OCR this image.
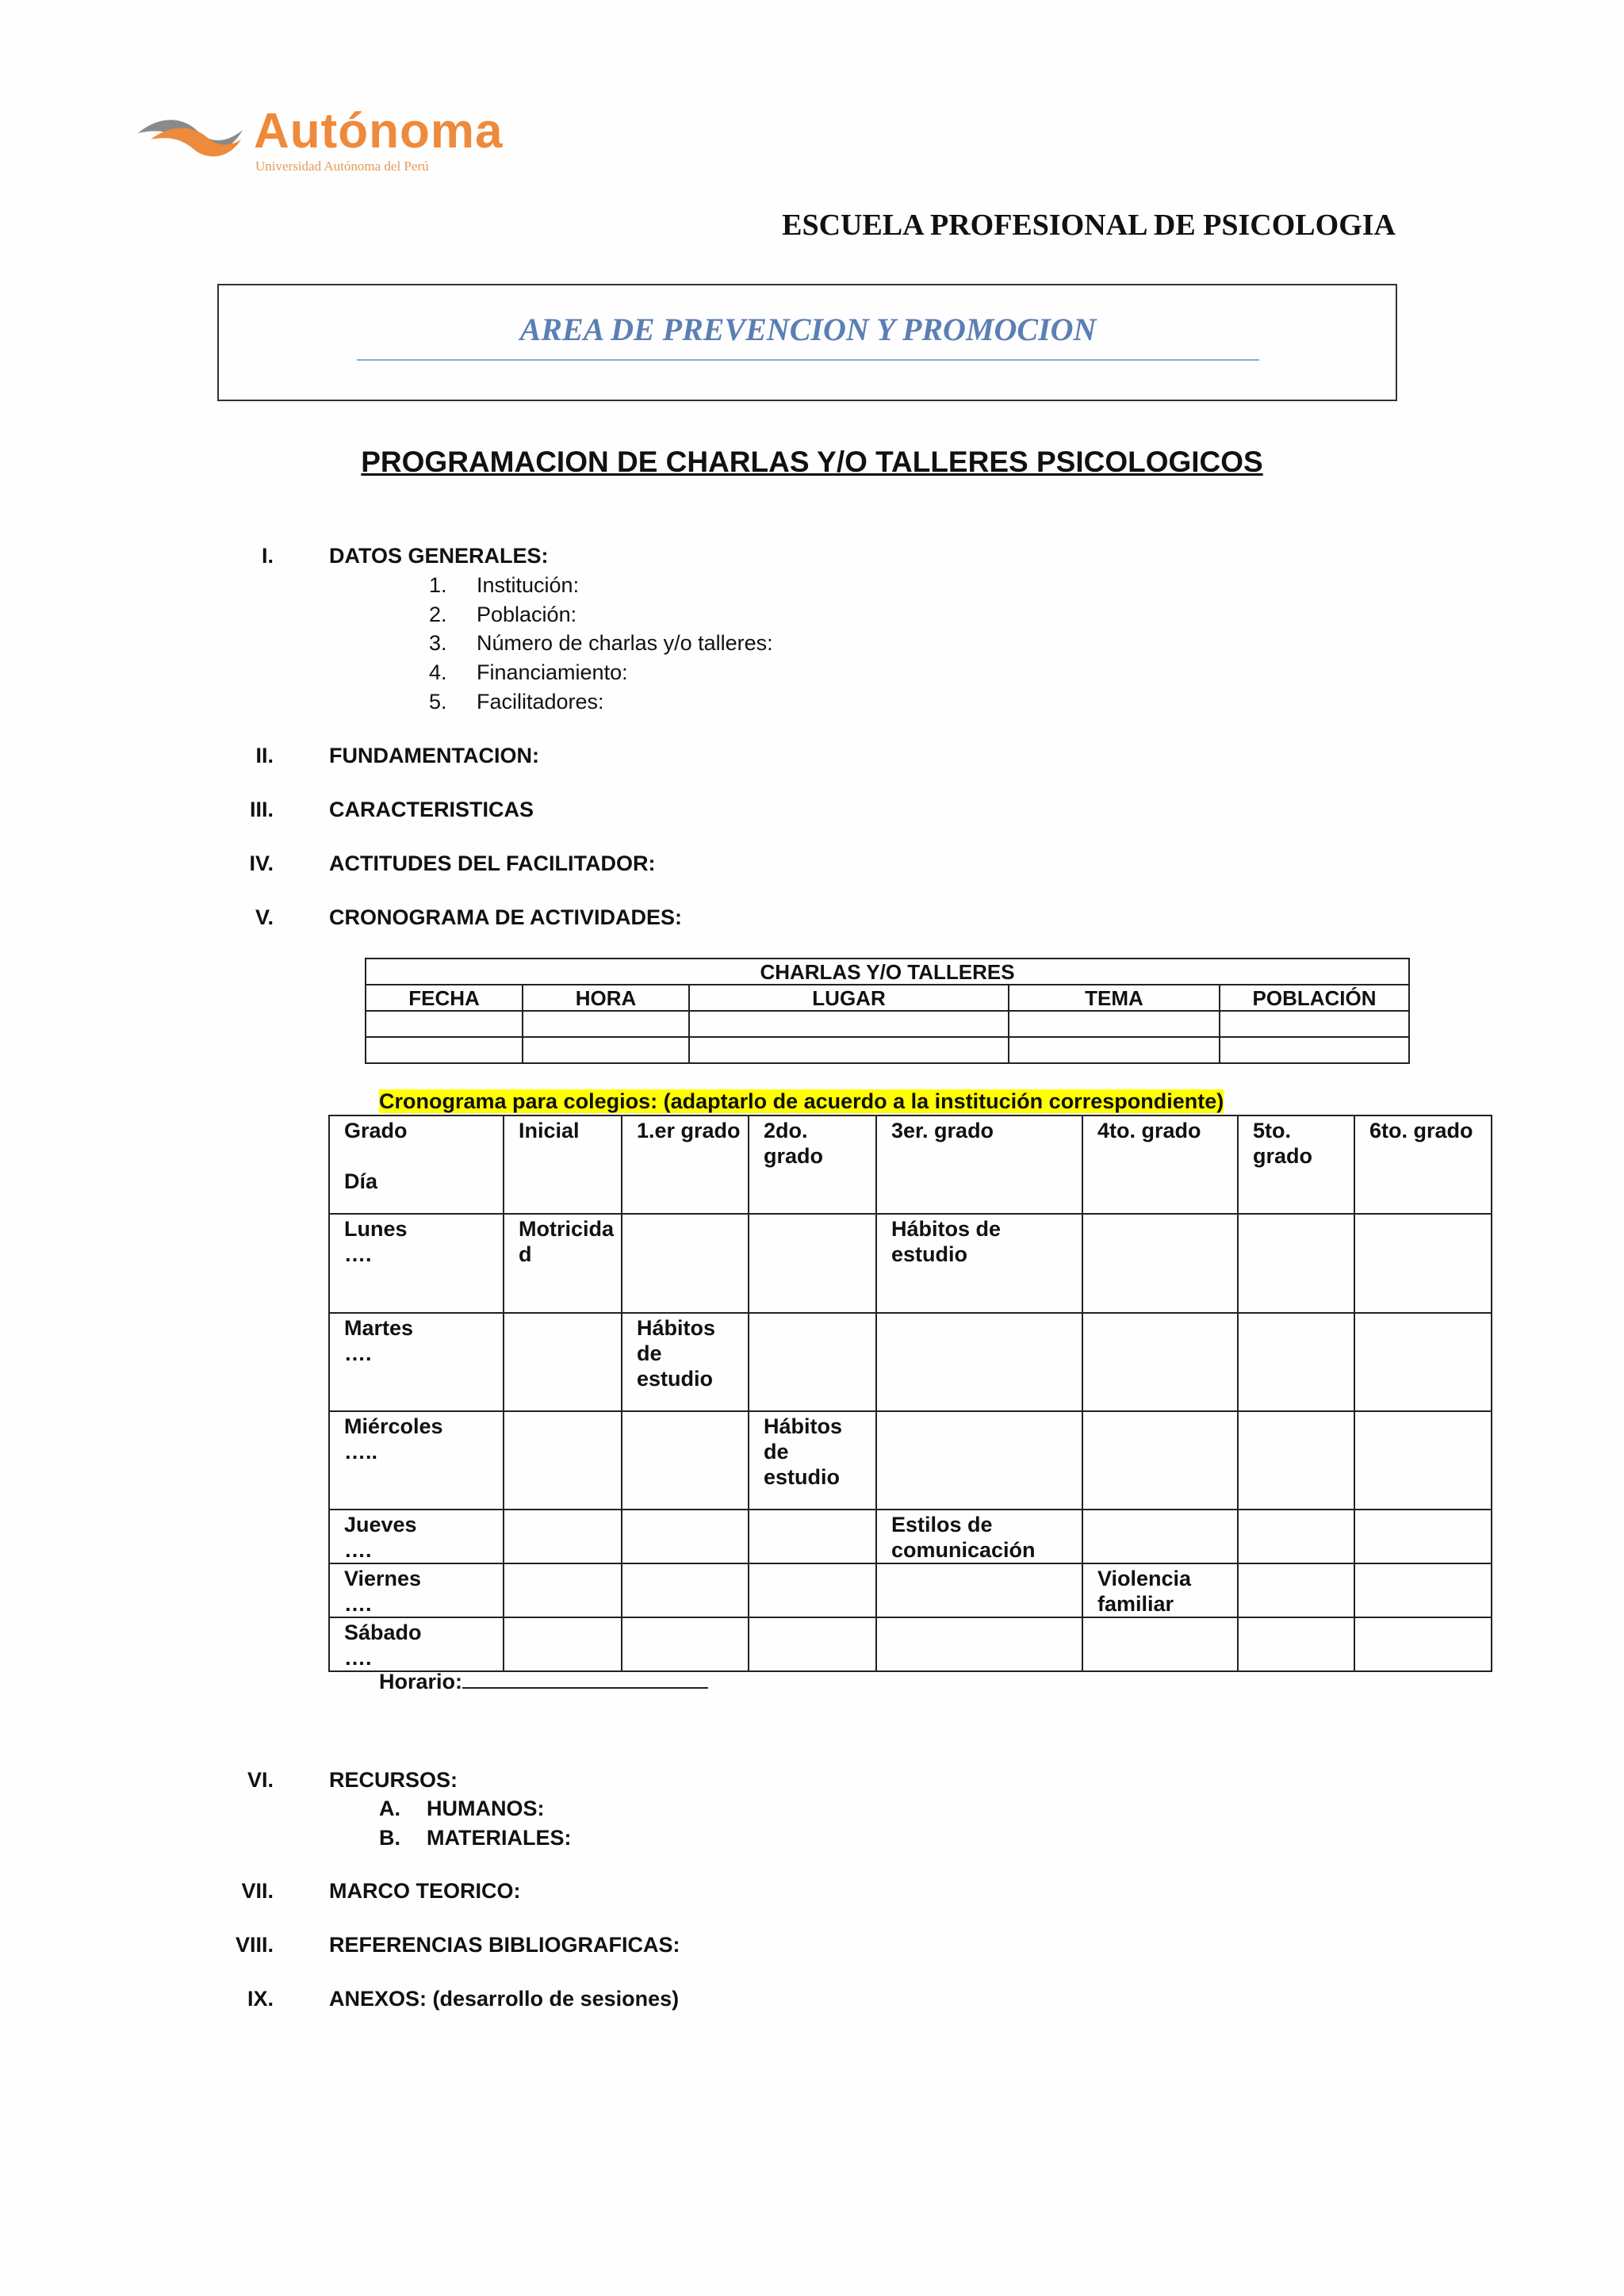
Autónoma
Universidad Autónoma del Perú
ESCUELA PROFESIONAL DE PSICOLOGIA
AREA DE PREVENCION Y PROMOCION
PROGRAMACION DE CHARLAS Y/O TALLERES PSICOLOGICOS
I.	DATOS GENERALES:
1. Institución:
2. Población:
3. Número de charlas y/o talleres:
4. Financiamiento:
5. Facilitadores:
II.	FUNDAMENTACION:
III.	CARACTERISTICAS
IV.	ACTITUDES DEL FACILITADOR:
V.	CRONOGRAMA DE ACTIVIDADES:
CHARLAS Y/O TALLERES				
FECHA	HORA	LUGAR	TEMA	POBLACIÓN

Cronograma para colegios: (adaptarlo de acuerdo a la institución correspondiente)
Grado
Día	Inicial	1.er grado	2do. grado	3er. grado	4to. grado	5to. grado	6to. grado

Lunes
….	Motricidad			Hábitos de estudio			

Martes
….		Hábitos de estudio					

Miércoles
…..			Hábitos de estudio				

Jueves
….				Estilos de comunicación			

Viernes
….					Violencia familiar		

Sábado
….							

Horario:
VI.	RECURSOS:
A. HUMANOS:
B. MATERIALES:
VII.	MARCO TEORICO:
VIII.	REFERENCIAS BIBLIOGRAFICAS:
IX.	ANEXOS: (desarrollo de sesiones)
